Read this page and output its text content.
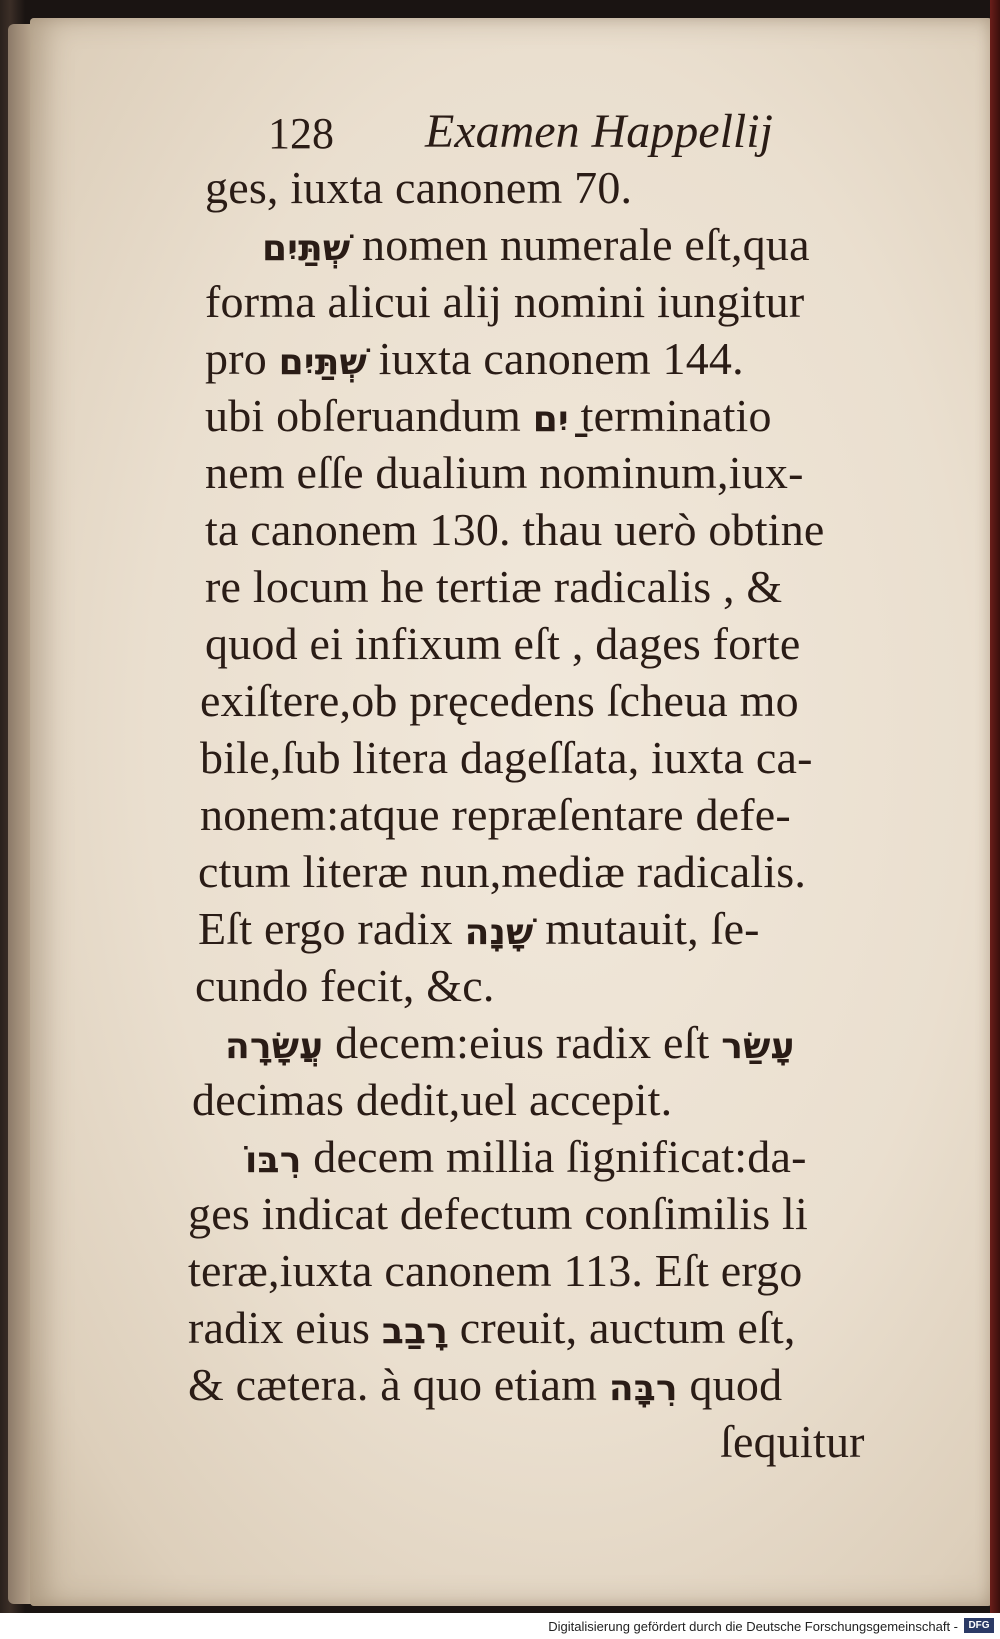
128 Examen Happellij
ges, iuxta canonem 70.
שְׁתַּיִם nomen numerale eſt,qua
forma alicui alij nomini iungitur
pro שְׁתַּיִם iuxta canonem 144.
ubi obſeruandum ַיִם terminatio
nem eſſe dualium nominum,iux-
ta canonem 130. thau uerò obtine
re locum he tertiæ radicalis , &
quod ei infixum eſt , dages forte
exiſtere,ob pręcedens ſcheua mo
bile,ſub litera dageſſata, iuxta ca-
nonem:atque repræſentare defe-
ctum literæ nun,mediæ radicalis.
Eſt ergo radix שָׁנָה mutauit, ſe-
cundo fecit, &c.
עֲשָׂרָה decem:eius radix eſt עָשַׂר
decimas dedit,uel accepit.
רִבּוֹ decem millia ſignificat:da-
ges indicat defectum conſimilis li
teræ,iuxta canonem 113. Eſt ergo
radix eius רָבַב creuit, auctum eſt,
& cætera. à quo etiam רִבָּה quod
ſequitur
Digitalisierung gefördert durch die Deutsche Forschungsgemeinschaft -	DFG
